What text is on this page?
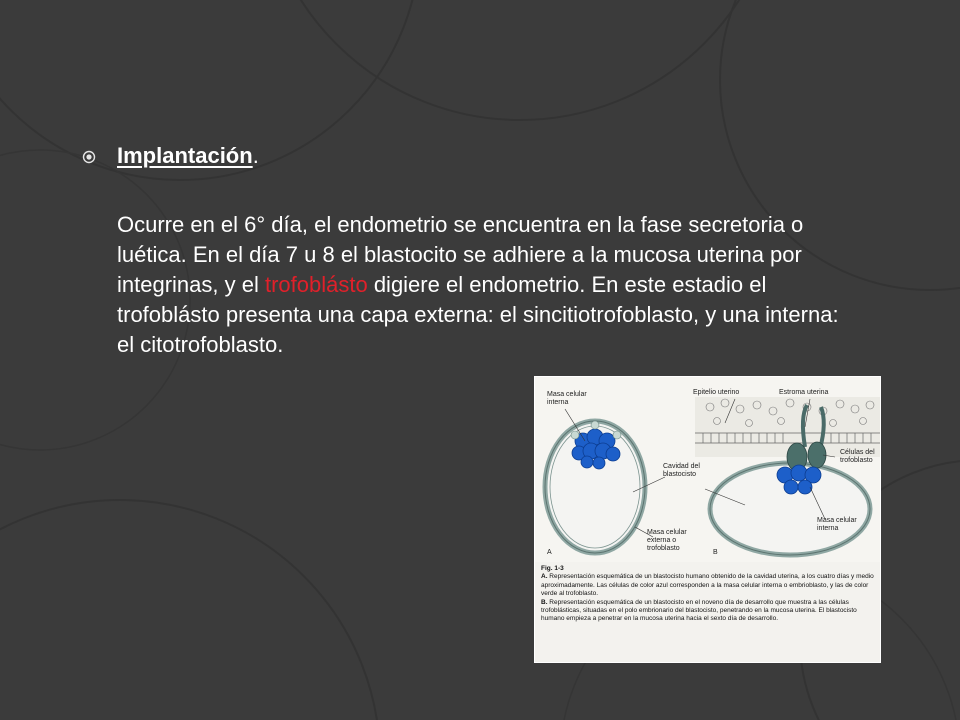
Implantación.
Ocurre en el 6° día, el endometrio se encuentra en la fase secretoria o luética. En el día 7 u 8 el blastocito se adhiere a la mucosa uterina por integrinas, y el trofoblásto digiere el endometrio. En este estadio el trofoblásto presenta una capa externa: el sincitiotrofoblasto, y una interna: el citotrofoblasto.
Masa celular interna
Epitelio uterino	Estroma uterina
Células del trofoblasto
Cavidad del blastocisto
Masa celular interna
Masa celular externa o trofoblasto
A	B
Fig. 1-3
A. Representación esquemática de un blastocisto humano obtenido de la cavidad uterina, a los cuatro días y medio aproximadamente. Las células de color azul corresponden a la masa celular interna o embrioblasto, y las de color verde al trofoblasto.
B. Representación esquemática de un blastocisto en el noveno día de desarrollo que muestra a las células trofoblásticas, situadas en el polo embrionario del blastocisto, penetrando en la mucosa uterina. El blastocisto humano empieza a penetrar en la mucosa uterina hacia el sexto día de desarrollo.
